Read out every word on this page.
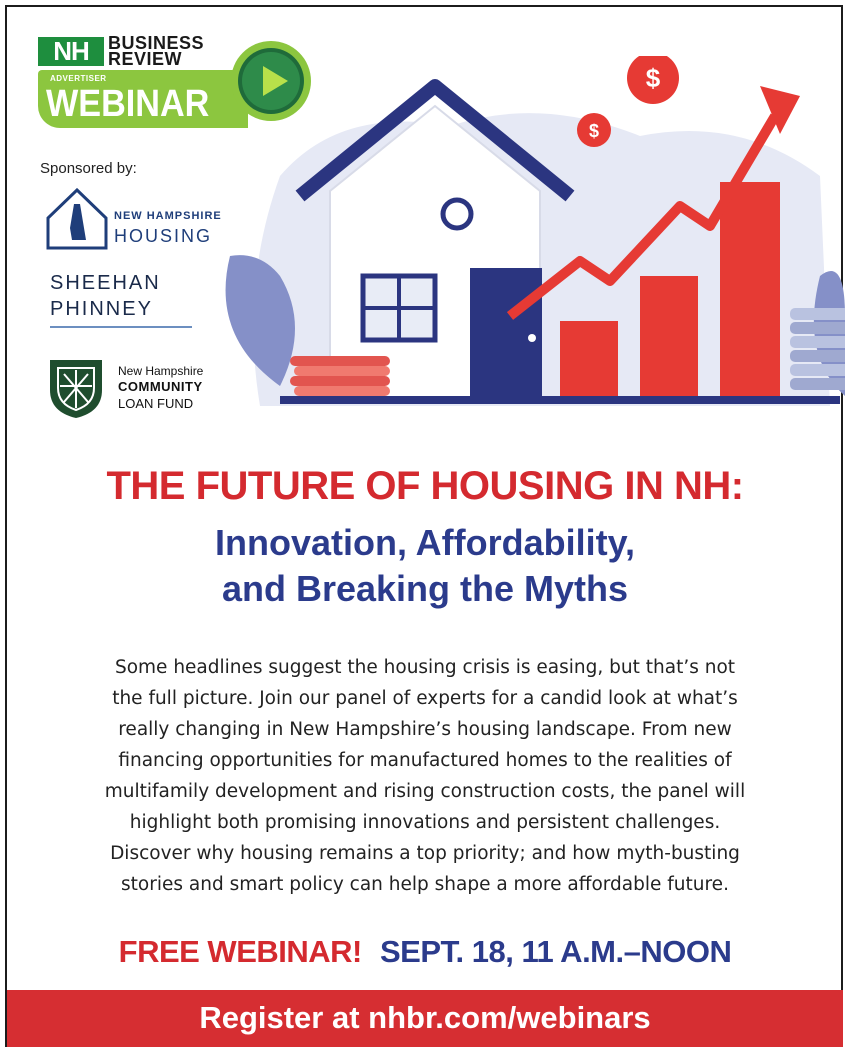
NH	BUSINESS
REVIEW
ADVERTISER
WEBINAR
Sponsored by:
NEW HAMPSHIRE
HOUSING
SHEEHAN
PHINNEY
New Hampshire
COMMUNITY
LOAN FUND
$
$
THE FUTURE OF HOUSING IN NH:
Innovation, Affordability,
and Breaking the Myths
Some headlines suggest the housing crisis is easing, but that’s not
the full picture. Join our panel of experts for a candid look at what’s
really changing in New Hampshire’s housing landscape. From new
financing opportunities for manufactured homes to the realities of
multifamily development and rising construction costs, the panel will
highlight both promising innovations and persistent challenges.
Discover why housing remains a top priority; and how myth-busting
stories and smart policy can help shape a more affordable future.
FREE WEBINAR! SEPT. 18, 11 A.M.–NOON
Register at nhbr.com/webinars
